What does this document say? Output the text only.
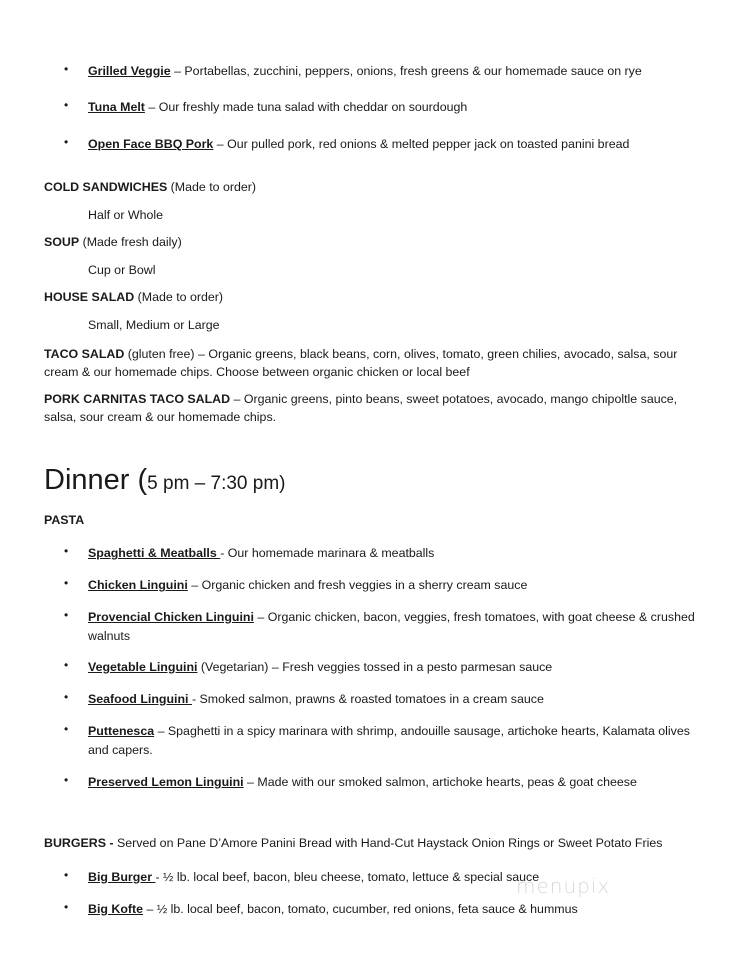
• Grilled Veggie – Portabellas, zucchini, peppers, onions, fresh greens & our homemade sauce on rye
• Tuna Melt – Our freshly made tuna salad with cheddar on sourdough
• Open Face BBQ Pork – Our pulled pork, red onions & melted pepper jack on toasted panini bread
COLD SANDWICHES (Made to order)
Half or Whole
SOUP (Made fresh daily)
Cup or Bowl
HOUSE SALAD (Made to order)
Small, Medium or Large
TACO SALAD (gluten free) – Organic greens, black beans, corn, olives, tomato, green chilies, avocado, salsa, sour cream & our homemade chips. Choose between organic chicken or local beef
PORK CARNITAS TACO SALAD – Organic greens, pinto beans, sweet potatoes, avocado, mango chipoltle sauce, salsa, sour cream & our homemade chips.
Dinner (5 pm – 7:30 pm)
PASTA
• Spaghetti & Meatballs - Our homemade marinara & meatballs
• Chicken Linguini – Organic chicken and fresh veggies in a sherry cream sauce
• Provencial Chicken Linguini – Organic chicken, bacon, veggies, fresh tomatoes, with goat cheese & crushed walnuts
• Vegetable Linguini (Vegetarian) – Fresh veggies tossed in a pesto parmesan sauce
• Seafood Linguini - Smoked salmon, prawns & roasted tomatoes in a cream sauce
• Puttenesca – Spaghetti in a spicy marinara with shrimp, andouille sausage, artichoke hearts, Kalamata olives and capers.
• Preserved Lemon Linguini – Made with our smoked salmon, artichoke hearts, peas & goat cheese
BURGERS - Served on Pane D’Amore Panini Bread with Hand-Cut Haystack Onion Rings or Sweet Potato Fries
• Big Burger - ½ lb. local beef, bacon, bleu cheese, tomato, lettuce & special sauce
• Big Kofte – ½ lb. local beef, bacon, tomato, cucumber, red onions, feta sauce & hummus
menupix
